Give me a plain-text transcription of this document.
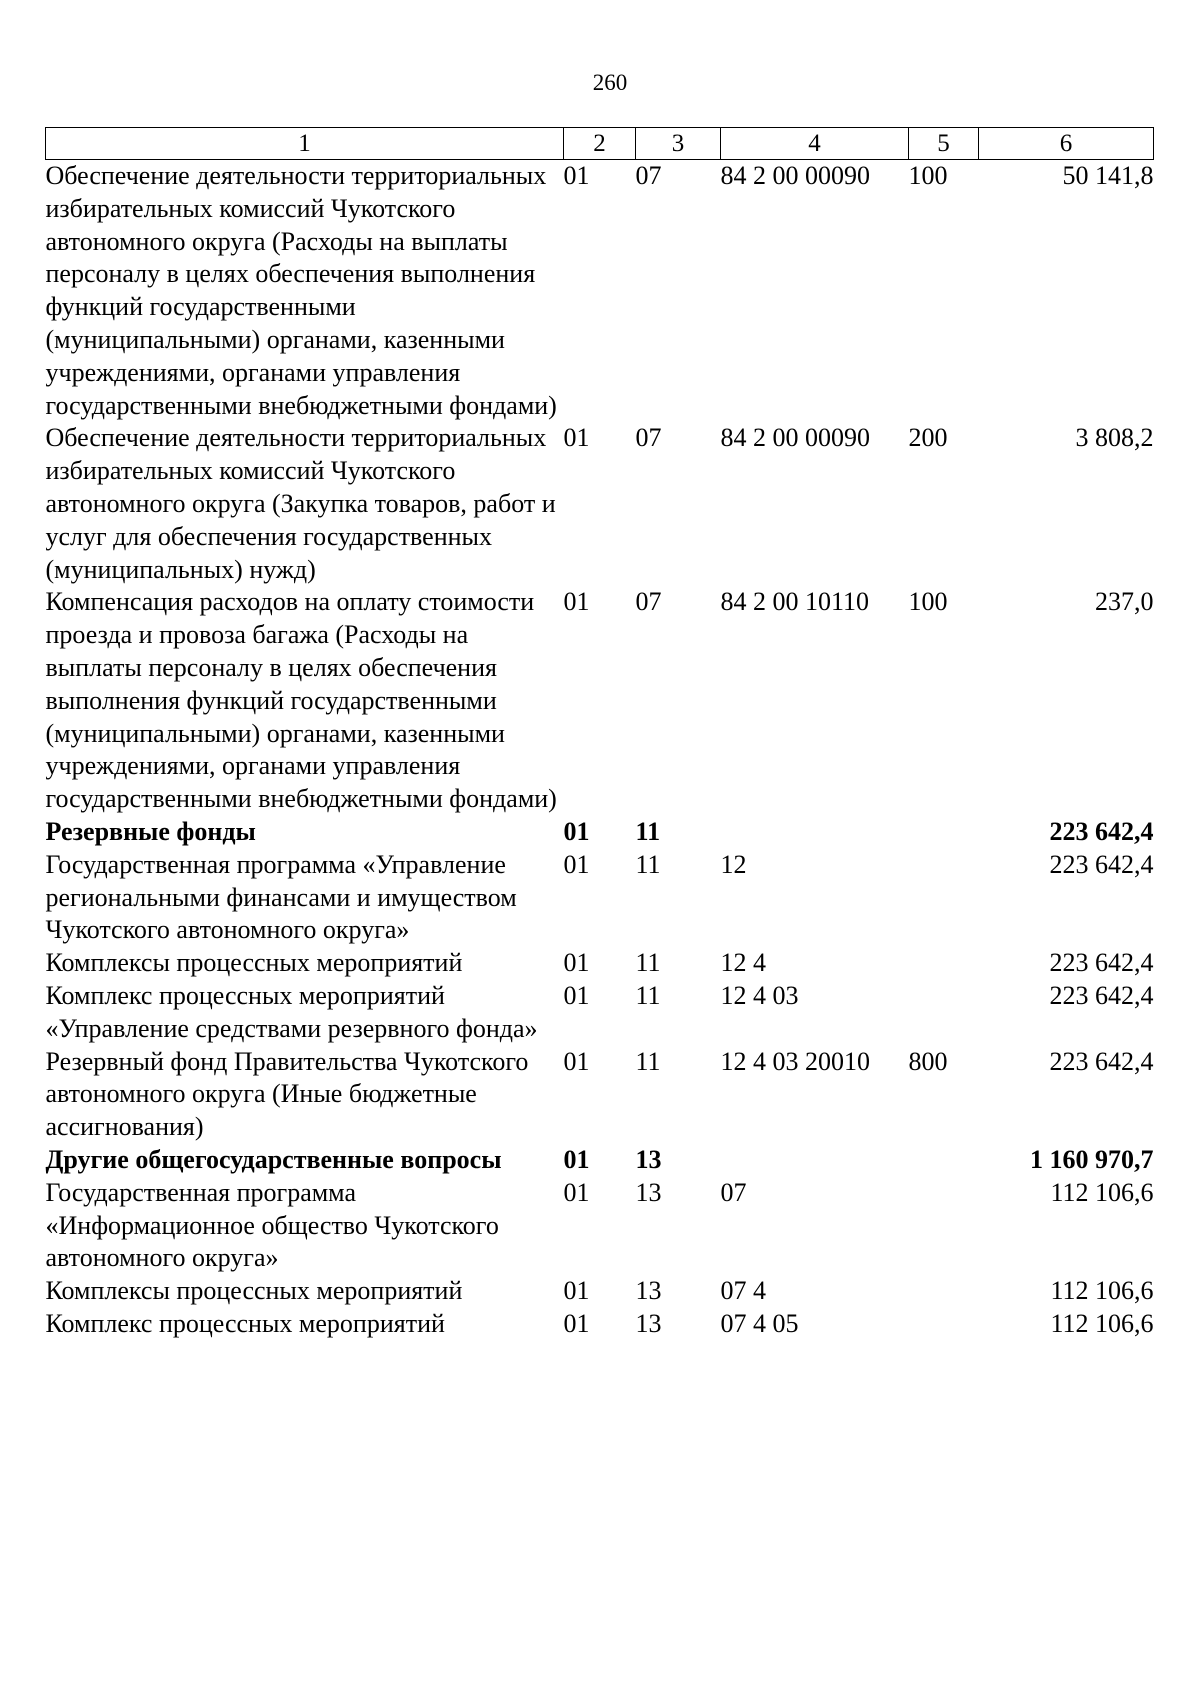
260
1	2	3	4	5	6
Обеспечение деятельности территориальных избирательных комиссий Чукотского автономного округа (Расходы на выплаты персоналу в целях обеспечения выполнения функций государственными (муниципальными) органами, казенными учреждениями, органами управления государственными внебюджетными фондами)	01	07	84 2 00 00090	100	50 141,8
Обеспечение деятельности территориальных избирательных комиссий Чукотского автономного округа (Закупка товаров, работ и услуг для обеспечения государственных (муниципальных) нужд)	01	07	84 2 00 00090	200	3 808,2
Компенсация расходов на оплату стоимости проезда и провоза багажа (Расходы на выплаты персоналу в целях обеспечения выполнения функций государственными (муниципальными) органами, казенными учреждениями, органами управления государственными внебюджетными фондами)	01	07	84 2 00 10110	100	237,0
Резервные фонды	01	11			223 642,4
Государственная программа «Управление региональными финансами и имуществом Чукотского автономного округа»	01	11	12		223 642,4
Комплексы процессных мероприятий	01	11	12 4		223 642,4
Комплекс процессных мероприятий «Управление средствами резервного фонда»	01	11	12 4 03		223 642,4
Резервный фонд Правительства Чукотского автономного округа (Иные бюджетные ассигнования)	01	11	12 4 03 20010	800	223 642,4
Другие общегосударственные вопросы	01	13			1 160 970,7
Государственная программа «Информационное общество Чукотского автономного округа»	01	13	07		112 106,6
Комплексы процессных мероприятий	01	13	07 4		112 106,6
Комплекс процессных мероприятий	01	13	07 4 05		112 106,6
